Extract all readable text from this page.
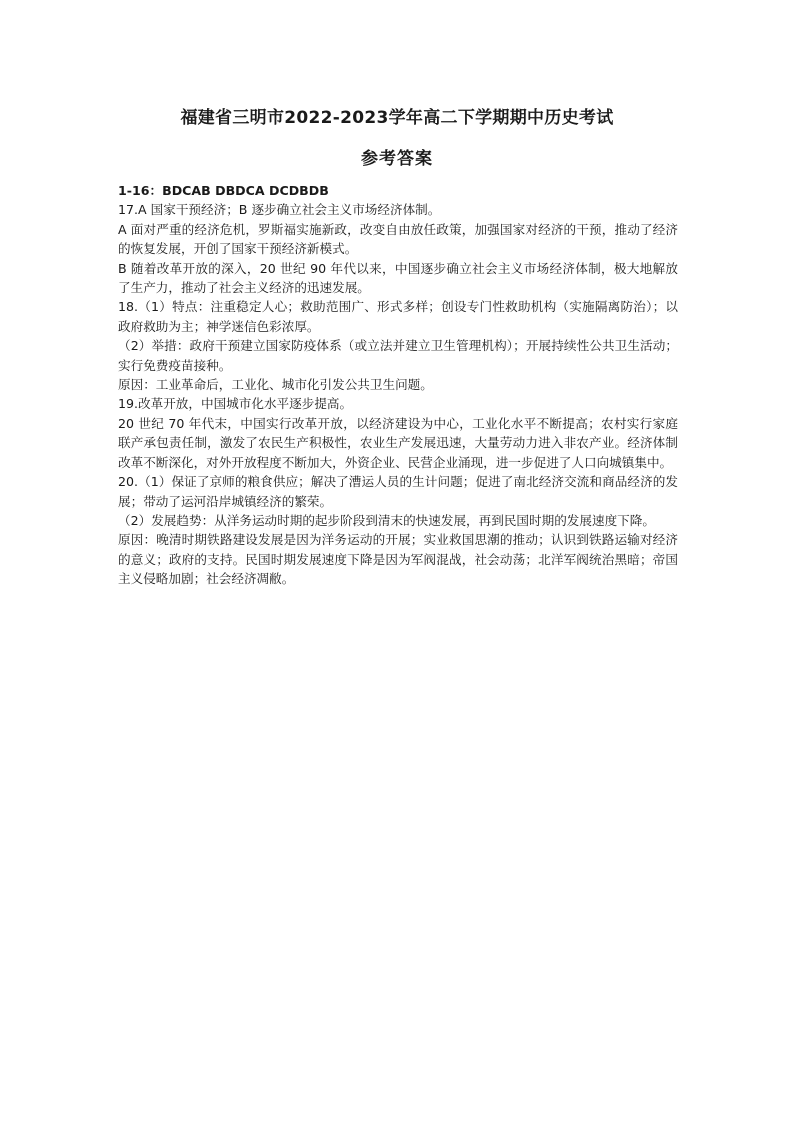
福建省三明市2022-2023学年高二下学期期中历史考试
参考答案

1-16：BDCAB DBDCA DCDBDB

17.A 国家干预经济；B 逐步确立社会主义市场经济体制。

A 面对严重的经济危机，罗斯福实施新政，改变自由放任政策，加强国家对经济的干预，推动了经济的恢复发展，开创了国家干预经济新模式。

B 随着改革开放的深入，20 世纪 90 年代以来，中国逐步确立社会主义市场经济体制，极大地解放了生产力，推动了社会主义经济的迅速发展。

18.（1）特点：注重稳定人心；救助范围广、形式多样；创设专门性救助机构（实施隔离防治）；以政府救助为主；神学迷信色彩浓厚。

（2）举措：政府干预建立国家防疫体系（或立法并建立卫生管理机构）；开展持续性公共卫生活动；实行免费疫苗接种。

原因：工业革命后，工业化、城市化引发公共卫生问题。

19.改革开放，中国城市化水平逐步提高。

20 世纪 70 年代末，中国实行改革开放，以经济建设为中心，工业化水平不断提高；农村实行家庭联产承包责任制，激发了农民生产积极性，农业生产发展迅速，大量劳动力进入非农产业。经济体制改革不断深化，对外开放程度不断加大，外资企业、民营企业涌现，进一步促进了人口向城镇集中。

20.（1）保证了京师的粮食供应；解决了漕运人员的生计问题；促进了南北经济交流和商品经济的发展；带动了运河沿岸城镇经济的繁荣。

（2）发展趋势：从洋务运动时期的起步阶段到清末的快速发展，再到民国时期的发展速度下降。

原因：晚清时期铁路建设发展是因为洋务运动的开展；实业救国思潮的推动；认识到铁路运输对经济的意义；政府的支持。民国时期发展速度下降是因为军阀混战，社会动荡；北洋军阀统治黑暗；帝国主义侵略加剧；社会经济凋敝。
